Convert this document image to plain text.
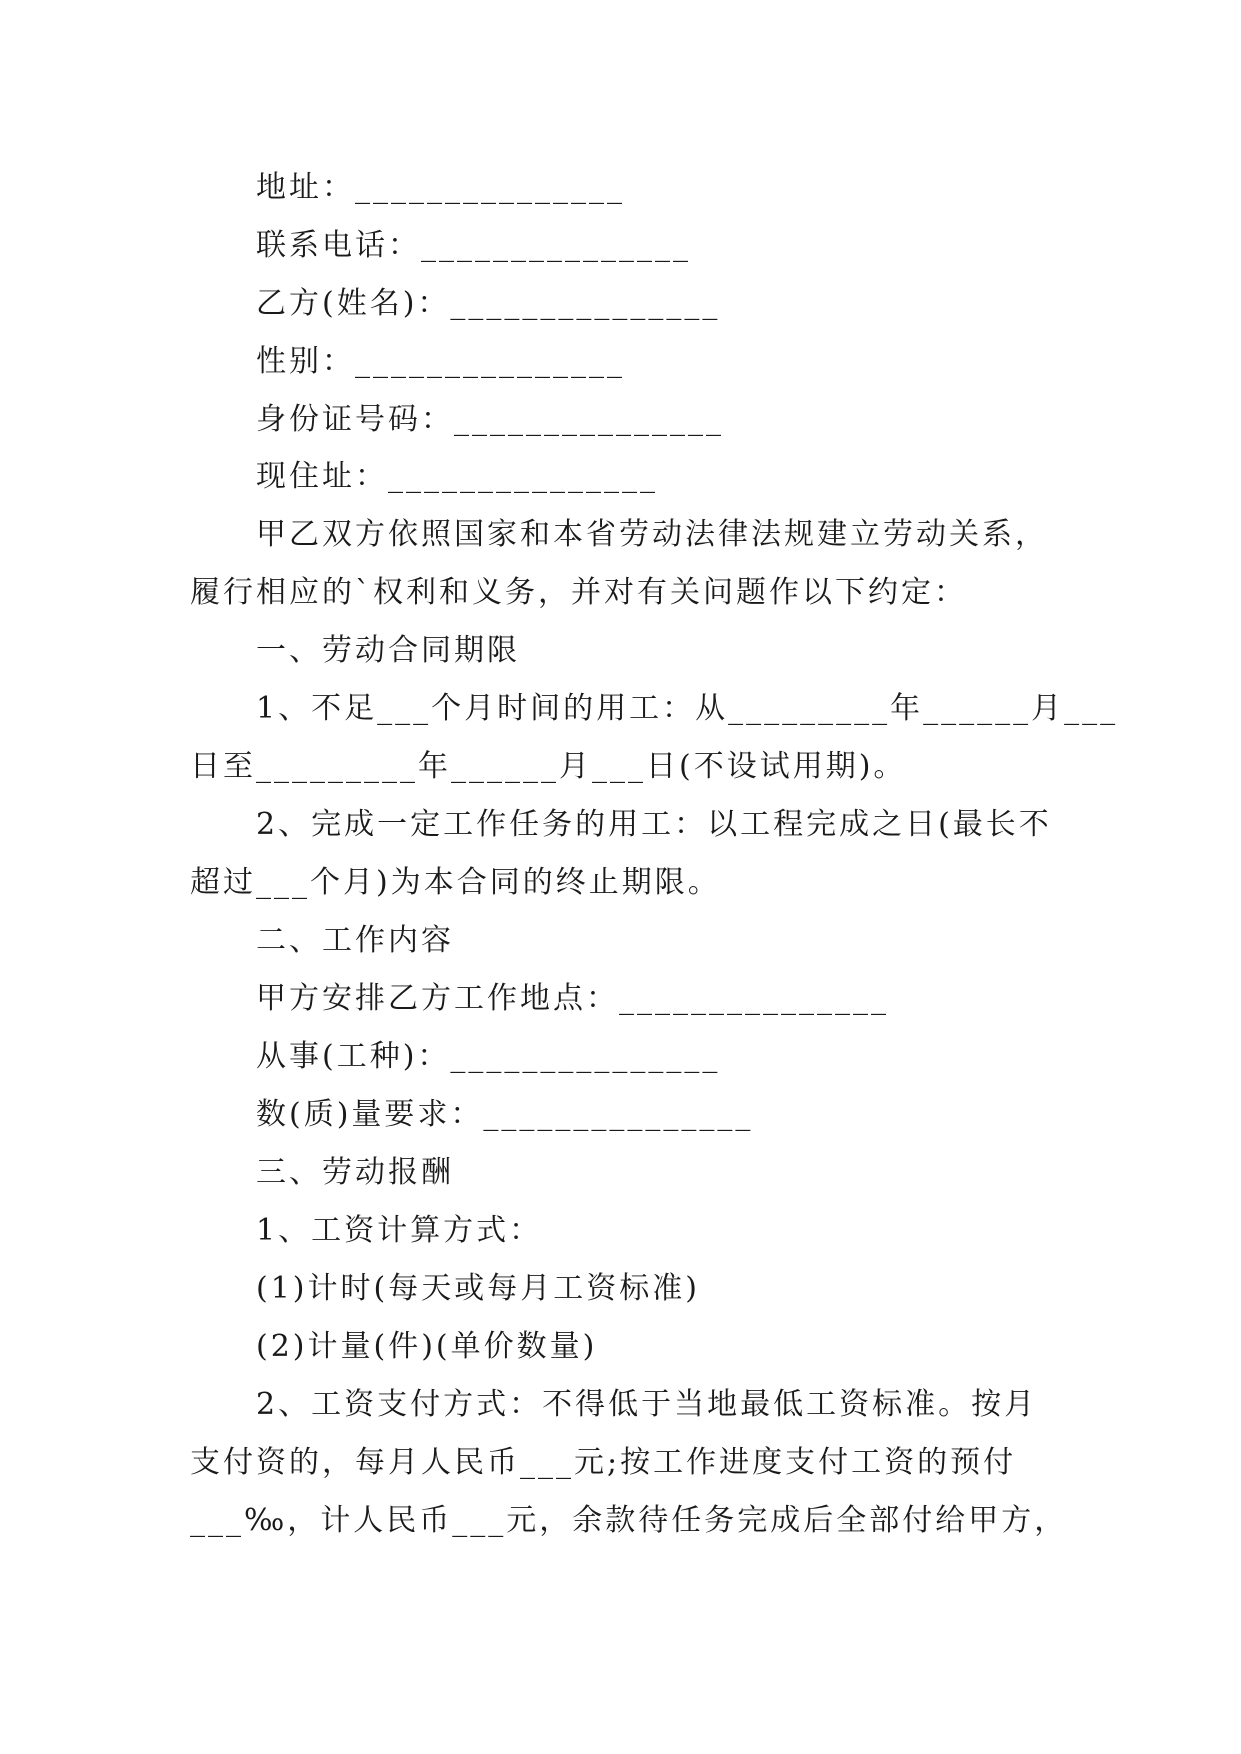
地址：_______________
联系电话：_______________
乙方(姓名)：_______________
性别：_______________
身份证号码：_______________
现住址：_______________
甲乙双方依照国家和本省劳动法律法规建立劳动关系，
履行相应的`权利和义务，并对有关问题作以下约定：
一、劳动合同期限
1、不足___个月时间的用工：从_________年______月___
日至_________年______月___日(不设试用期)。
2、完成一定工作任务的用工：以工程完成之日(最长不
超过___个月)为本合同的终止期限。
二、工作内容
甲方安排乙方工作地点：_______________
从事(工种)：_______________
数(质)量要求：_______________
三、劳动报酬
1、工资计算方式：
(1)计时(每天或每月工资标准)
(2)计量(件)(单价数量)
2、工资支付方式：不得低于当地最低工资标准。按月
支付资的，每月人民币___元;按工作进度支付工资的预付
___‰，计人民币___元，余款待任务完成后全部付给甲方，
